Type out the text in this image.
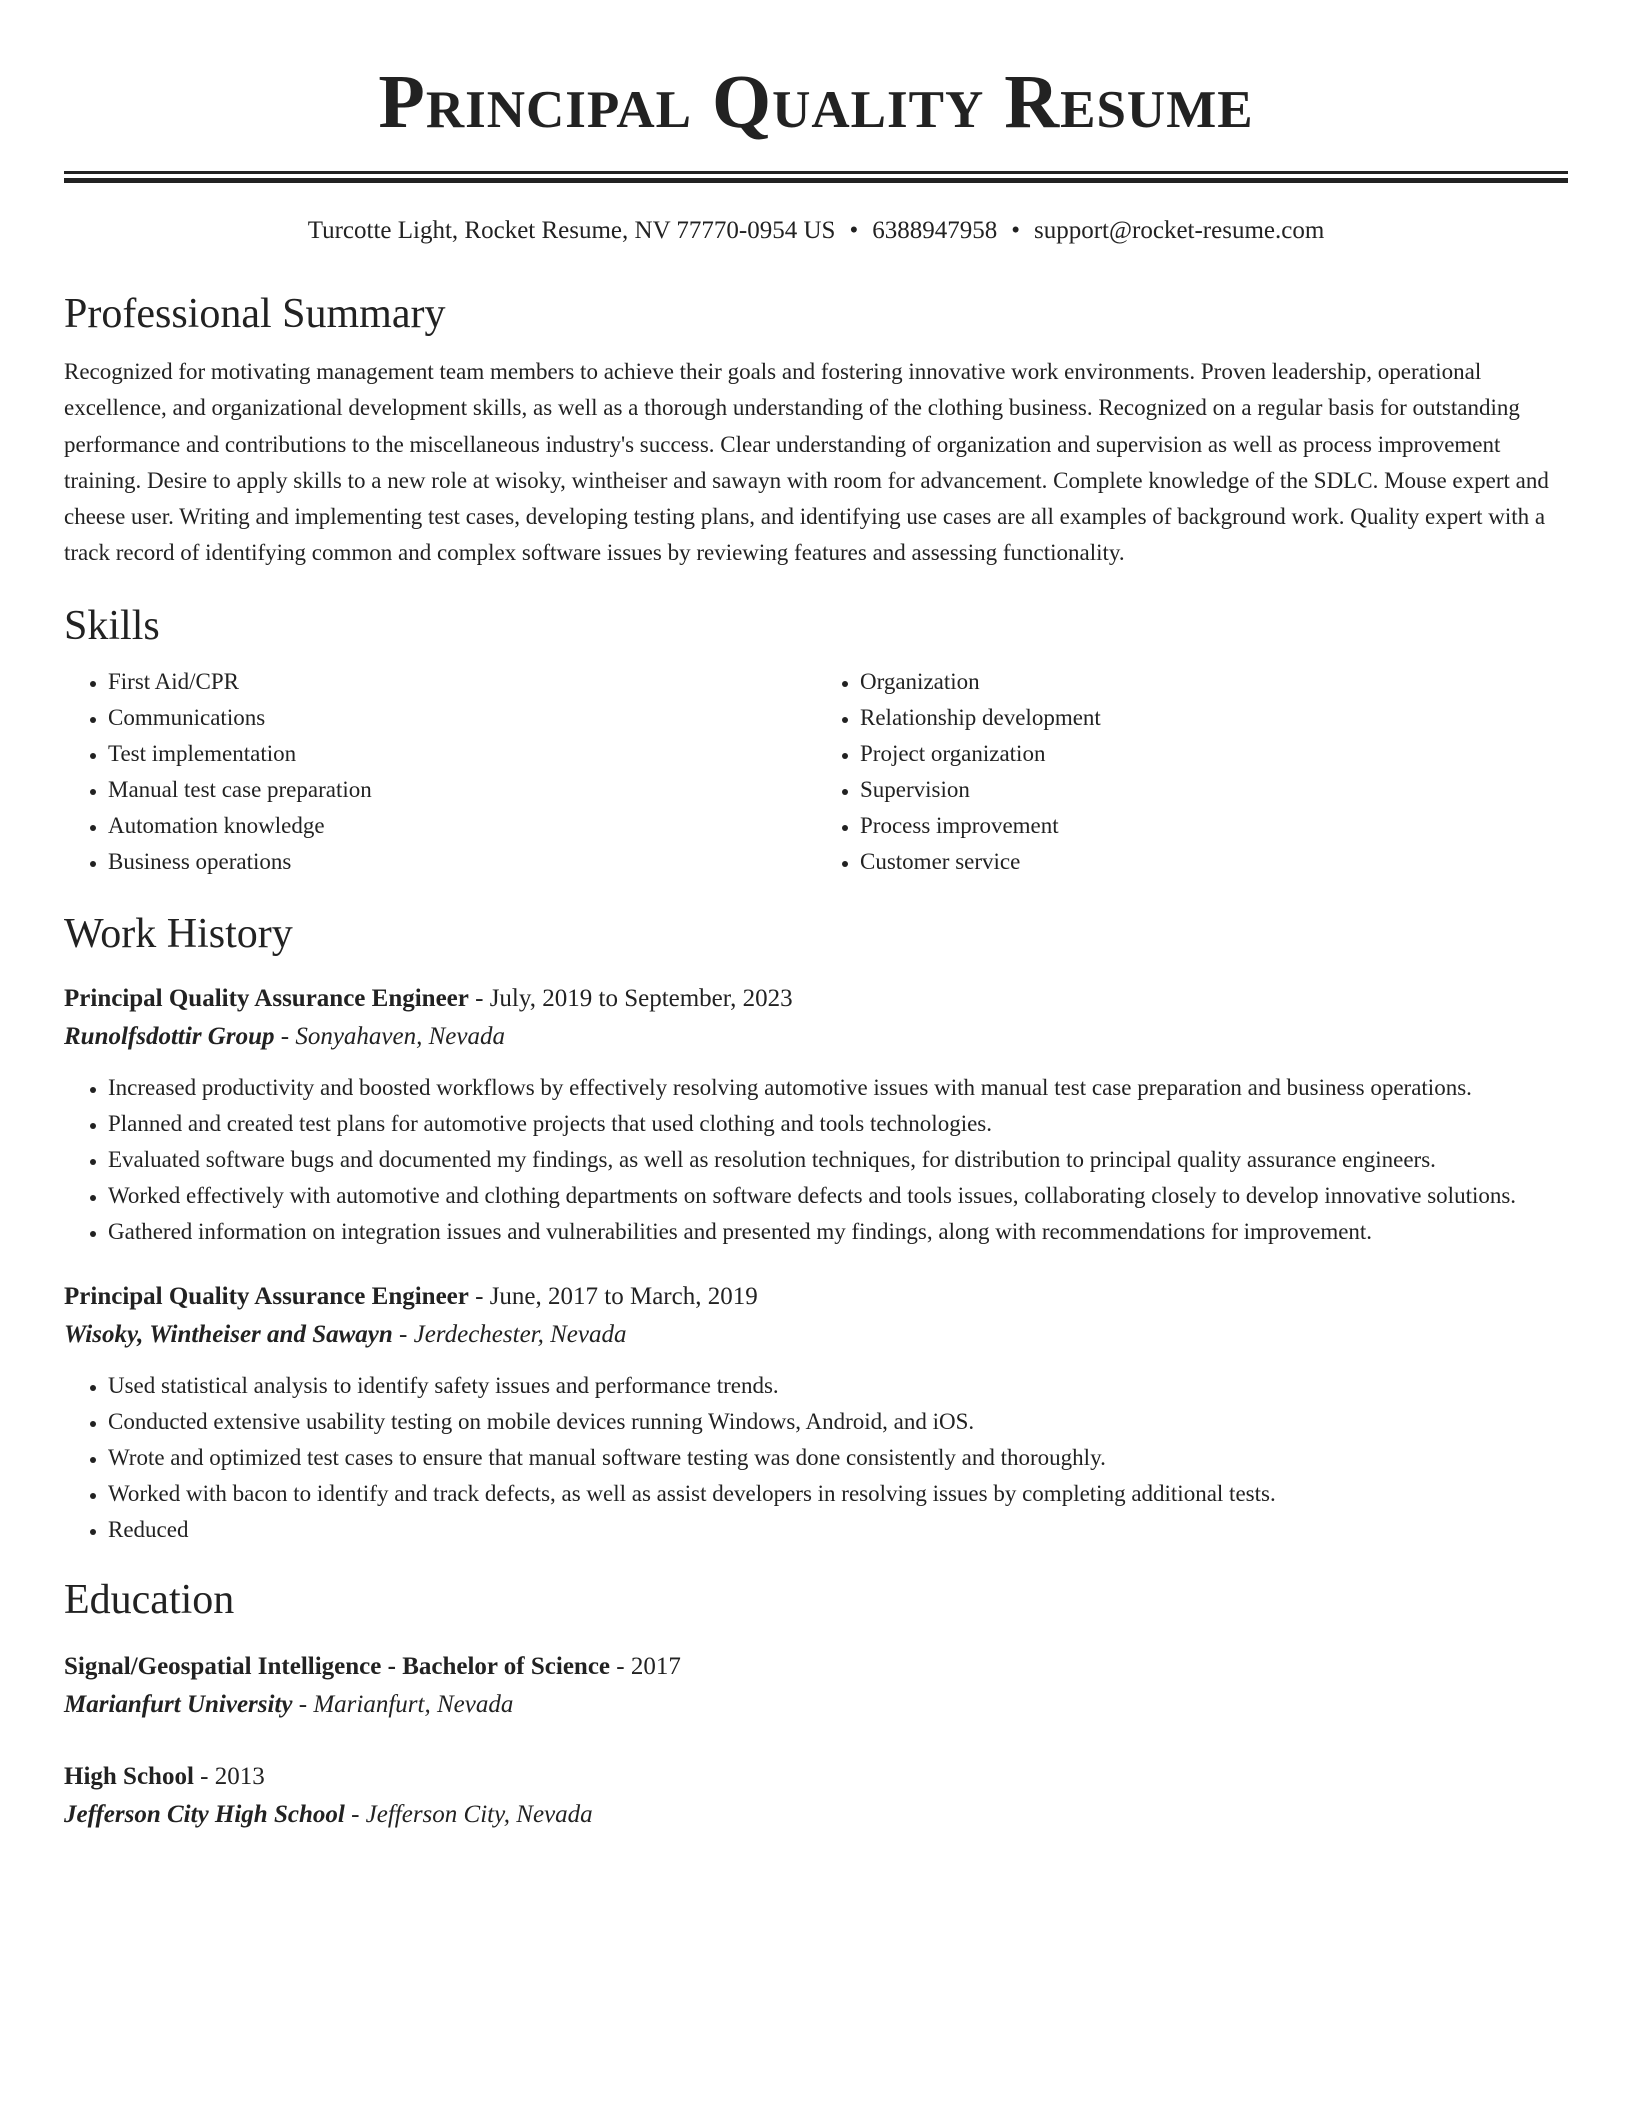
Principal Quality Resume
Turcotte Light, Rocket Resume, NV 77770-0954 US • 6388947958 • support@rocket-resume.com
Professional Summary

Recognized for motivating management team members to achieve their goals and fostering innovative work environments. Proven leadership, operational excellence, and organizational development skills, as well as a thorough understanding of the clothing business. Recognized on a regular basis for outstanding performance and contributions to the miscellaneous industry's success. Clear understanding of organization and supervision as well as process improvement training. Desire to apply skills to a new role at wisoky, wintheiser and sawayn with room for advancement. Complete knowledge of the SDLC. Mouse expert and cheese user. Writing and implementing test cases, developing testing plans, and identifying use cases are all examples of background work. Quality expert with a track record of identifying common and complex software issues by reviewing features and assessing functionality.

Skills
• First Aid/CPR
• Communications
• Test implementation
• Manual test case preparation
• Automation knowledge
• Business operations
• Organization
• Relationship development
• Project organization
• Supervision
• Process improvement
• Customer service
Work History
Principal Quality Assurance Engineer - July, 2019 to September, 2023
Runolfsdottir Group - Sonyahaven, Nevada
• Increased productivity and boosted workflows by effectively resolving automotive issues with manual test case preparation and business operations.
• Planned and created test plans for automotive projects that used clothing and tools technologies.
• Evaluated software bugs and documented my findings, as well as resolution techniques, for distribution to principal quality assurance engineers.
• Worked effectively with automotive and clothing departments on software defects and tools issues, collaborating closely to develop innovative solutions.
• Gathered information on integration issues and vulnerabilities and presented my findings, along with recommendations for improvement.
Principal Quality Assurance Engineer - June, 2017 to March, 2019
Wisoky, Wintheiser and Sawayn - Jerdechester, Nevada
• Used statistical analysis to identify safety issues and performance trends.
• Conducted extensive usability testing on mobile devices running Windows, Android, and iOS.
• Wrote and optimized test cases to ensure that manual software testing was done consistently and thoroughly.
• Worked with bacon to identify and track defects, as well as assist developers in resolving issues by completing additional tests.
• Reduced
Education
Signal/Geospatial Intelligence - Bachelor of Science - 2017
Marianfurt University - Marianfurt, Nevada
High School - 2013
Jefferson City High School - Jefferson City, Nevada
